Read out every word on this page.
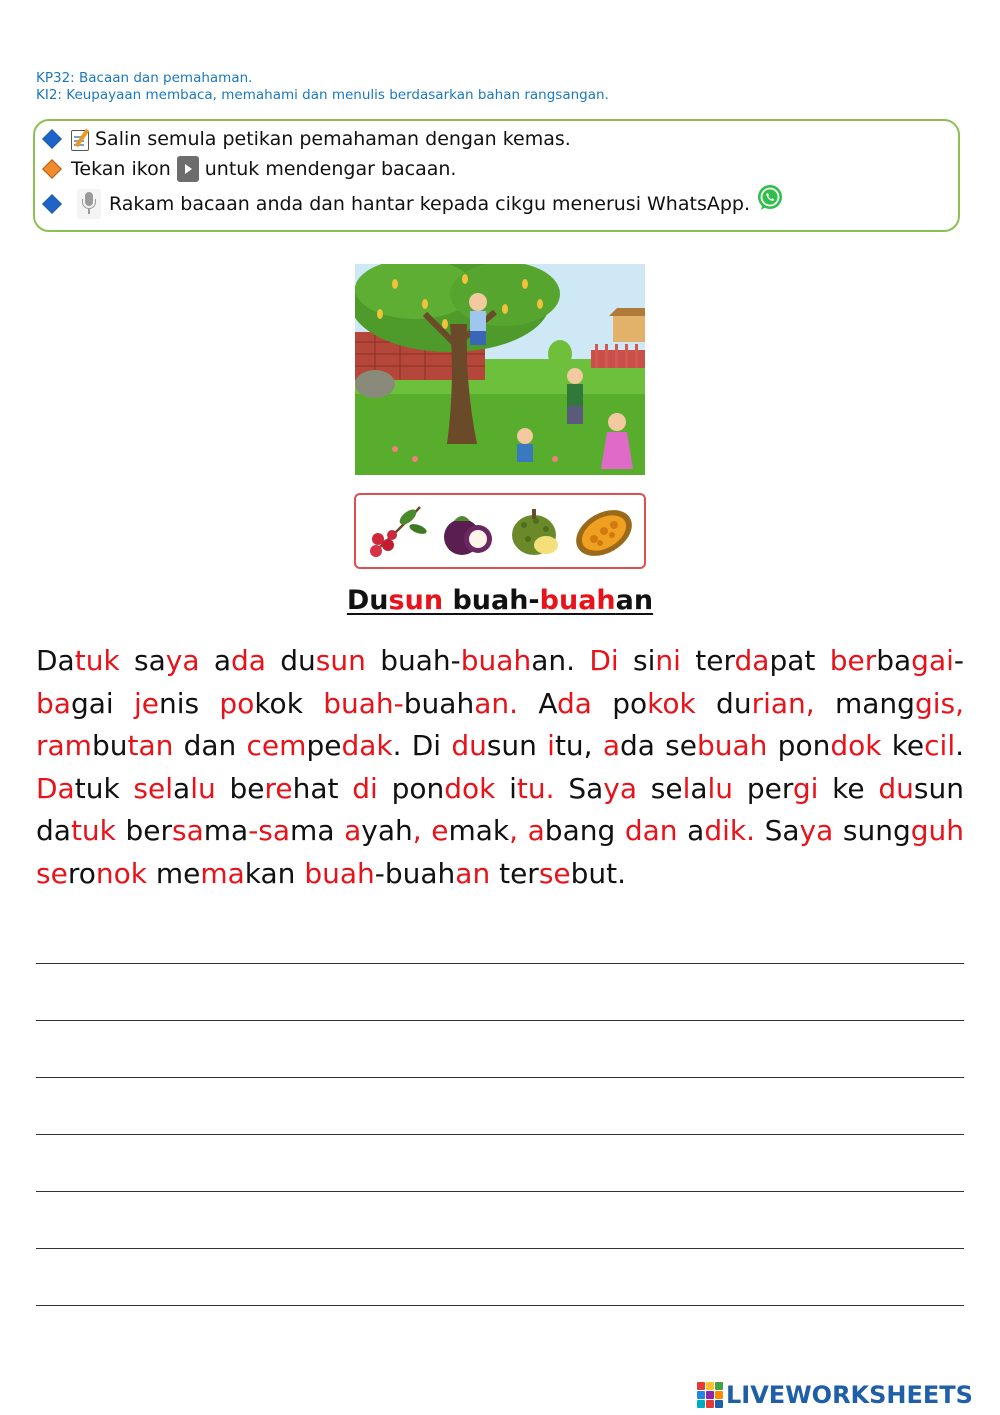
KP32: Bacaan dan pemahaman.
KI2: Keupayaan membaca, memahami dan menulis berdasarkan bahan rangsangan.
Salin semula petikan pemahaman dengan kemas.
Tekan ikon untuk mendengar bacaan.
Rakam bacaan anda dan hantar kepada cikgu menerusi WhatsApp.
Dusun buah-buahan
Datuk saya ada dusun buah-buahan. Di sini terdapat berbagai-bagai jenis pokok buah-buahan. Ada pokok durian, manggis, rambutan dan cempedak. Di dusun itu, ada sebuah pondok kecil. Datuk selalu berehat di pondok itu. Saya selalu pergi ke dusun datuk bersama-sama ayah, emak, abang dan adik. Saya sungguh seronok memakan buah-buahan tersebut.
LIVEWORKSHEETS
